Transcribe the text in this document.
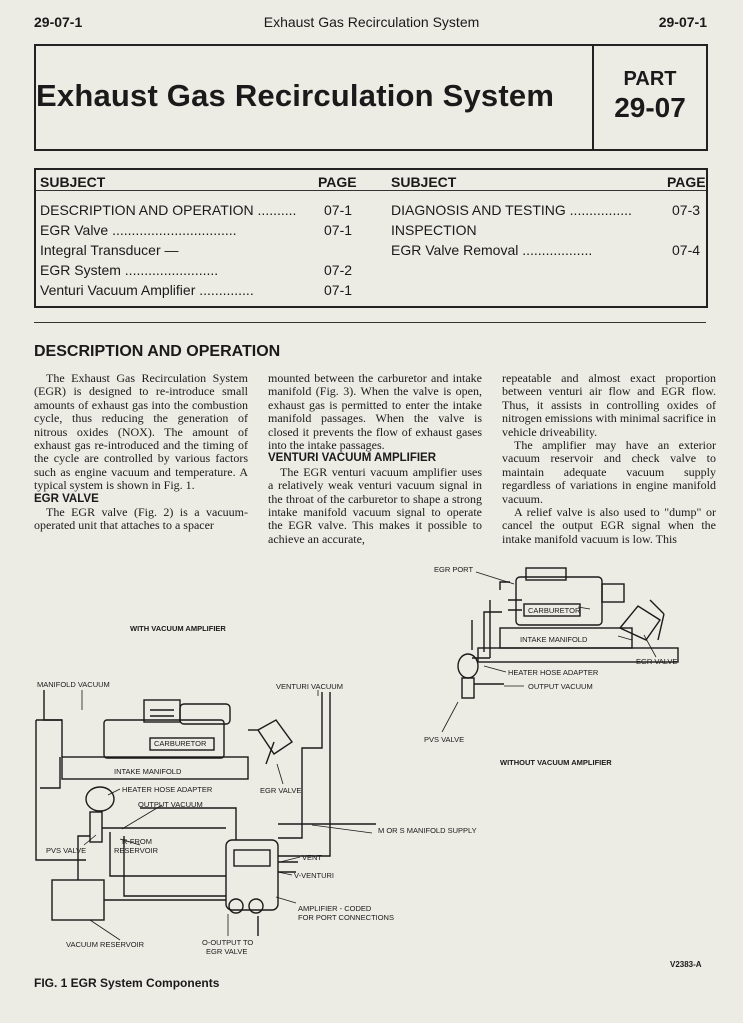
29-07-1	Exhaust Gas Recirculation System	29-07-1
Exhaust Gas Recirculation System	PART
29-07
SUBJECT	PAGE SUBJECT	PAGE
DESCRIPTION AND OPERATION .......... 07-1
EGR Valve ................................	07-1
Integral Transducer —
EGR System ........................	07-2
Venturi Vacuum Amplifier ..............	07-1
DIAGNOSIS AND TESTING ................	07-3
INSPECTION
EGR Valve Removal ..................	07-4
DESCRIPTION AND OPERATION

The Exhaust Gas Recirculation System (EGR) is designed to re-introduce small amounts of exhaust gas into the combustion cycle, thus reducing the generation of nitrous oxides (NOX). The amount of exhaust gas re-introduced and the timing of the cycle are controlled by various factors such as engine vacuum and temperature. A typical system is shown in Fig. 1.

EGR VALVE

The EGR valve (Fig. 2) is a vacuum-operated unit that attaches to a spacer

mounted between the carburetor and intake manifold (Fig. 3). When the valve is open, exhaust gas is permitted to enter the intake manifold passages. When the valve is closed it prevents the flow of exhaust gases into the intake passages.

VENTURI VACUUM AMPLIFIER

The EGR venturi vacuum amplifier uses a relatively weak venturi vacuum signal in the throat of the carburetor to shape a strong intake manifold vacuum signal to operate the EGR valve. This makes it possible to achieve an accurate,

repeatable and almost exact proportion between venturi air flow and EGR flow. Thus, it assists in controlling oxides of nitrogen emissions with minimal sacrifice in vehicle driveability.

The amplifier may have an exterior vacuum reservoir and check valve to maintain adequate vacuum supply regardless of variations in engine manifold vacuum.

A relief valve is also used to "dump" or cancel the output EGR signal when the intake manifold vacuum is low. This

WITH VACUUM AMPLIFIER
WITHOUT VACUUM AMPLIFIER
MANIFOLD VACUUM	VENTURI VACUUM
CARBURETOR
INTAKE MANIFOLD
HEATER HOSE ADAPTER
OUTPUT VACUUM
EGR VALVE
R-FROM
RESERVOIR
PVS VALVE
M OR S MANIFOLD SUPPLY
VENT
V-VENTURI
AMPLIFIER - CODED
FOR PORT CONNECTIONS
VACUUM RESERVOIR	O-OUTPUT TO
EGR VALVE
EGR PORT
CARBURETOR
INTAKE MANIFOLD
EGR VALVE
HEATER HOSE ADAPTER
OUTPUT VACUUM
PVS VALVE
V2383-A
FIG. 1 EGR System Components
